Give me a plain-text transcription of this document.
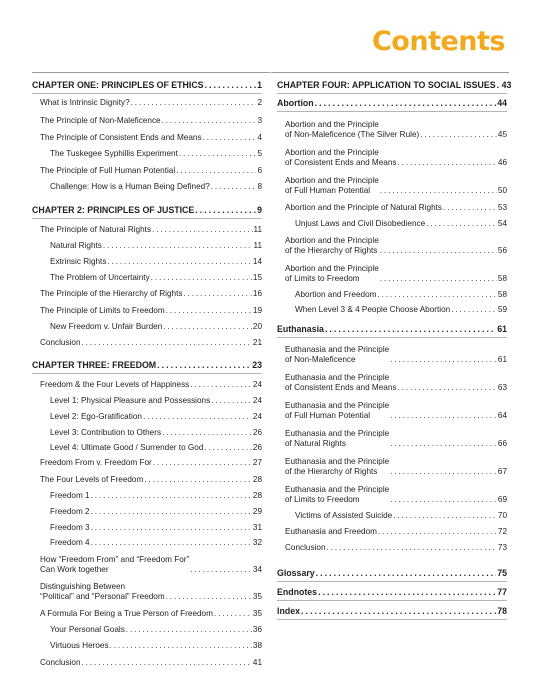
Contents
CHAPTER ONE: PRINCIPLES OF ETHICS . . .	1
What is Intrinsic Dignity? . . .	2
The Principle of Non-Maleficence . . .	3
The Principle of Consistent Ends and Means . . .	4
The Tuskegee Syphillis Experiment . . .	5
The Principle of Full Human Potential . . .	6
Challenge: How is a Human Being Defined? . . .	8
CHAPTER 2: PRINCIPLES OF JUSTICE . . .	9
The Principle of Natural Rights . . .	11
Natural Rights . . .	11
Extrinsic Rights . . .	14
The Problem of Uncertainty . . .	15
The Principle of the Hierarchy of Rights . . .	16
The Principle of Limits to Freedom . . .	19
New Freedom v. Unfair Burden . . .	20
Conclusion . . .	21
CHAPTER THREE: FREEDOM . . .	23
Freedom & the Four Levels of Happiness . . .	24
Level 1: Physical Pleasure and Possessions . . .	24
Level 2: Ego-Gratification . . .	24
Level 3: Contribution to Others . . .	26
Level 4: Ultimate Good / Surrender to God . . .	26
Freedom From v. Freedom For . . .	27
The Four Levels of Freedom . . .	28
Freedom 1 . . .	28
Freedom 2 . . .	29
Freedom 3 . . .	31
Freedom 4 . . .	32
How “Freedom From” and “Freedom For”
Can Work together . . .	34
Distinguishing Between
“Political” and “Personal” Freedom . . .	35
A Formula For Being a True Person of Freedom . . .	35
Your Personal Goals . . .	36
Virtuous Heroes . . .	38
Conclusion . . .	41
CHAPTER FOUR: APPLICATION TO SOCIAL ISSUES . . . 43
Abortion . . .	44
Abortion and the Principle
of Non-Maleficence (The Silver Rule) . . .	45
Abortion and the Principle
of Consistent Ends and Means . . .	46
Abortion and the Principle
of Full Human Potential . . .	50
Abortion and the Principle of Natural Rights . . .	53
Unjust Laws and Civil Disobedience . . .	54
Abortion and the Principle
of the Hierarchy of Rights . . .	56
Abortion and the Principle
of Limits to Freedom . . .	58
Abortion and Freedom . . .	58
When Level 3 & 4 People Choose Abortion . . .	59
Euthanasia . . .	61
Euthanasia and the Principle
of Non-Maleficence . . .	61
Euthanasia and the Principle
of Consistent Ends and Means . . .	63
Euthanasia and the Principle
of Full Human Potential . . .	64
Euthanasia and the Principle
of Natural Rights . . .	66
Euthanasia and the Principle
of the Hierarchy of Rights . . .	67
Euthanasia and the Principle
of Limits to Freedom . . .	69
Victims of Assisted Suicide . . .	70
Euthanasia and Freedom . . .	72
Conclusion . . .	73
Glossary . . .	75
Endnotes . . .	77
Index . . .	78
